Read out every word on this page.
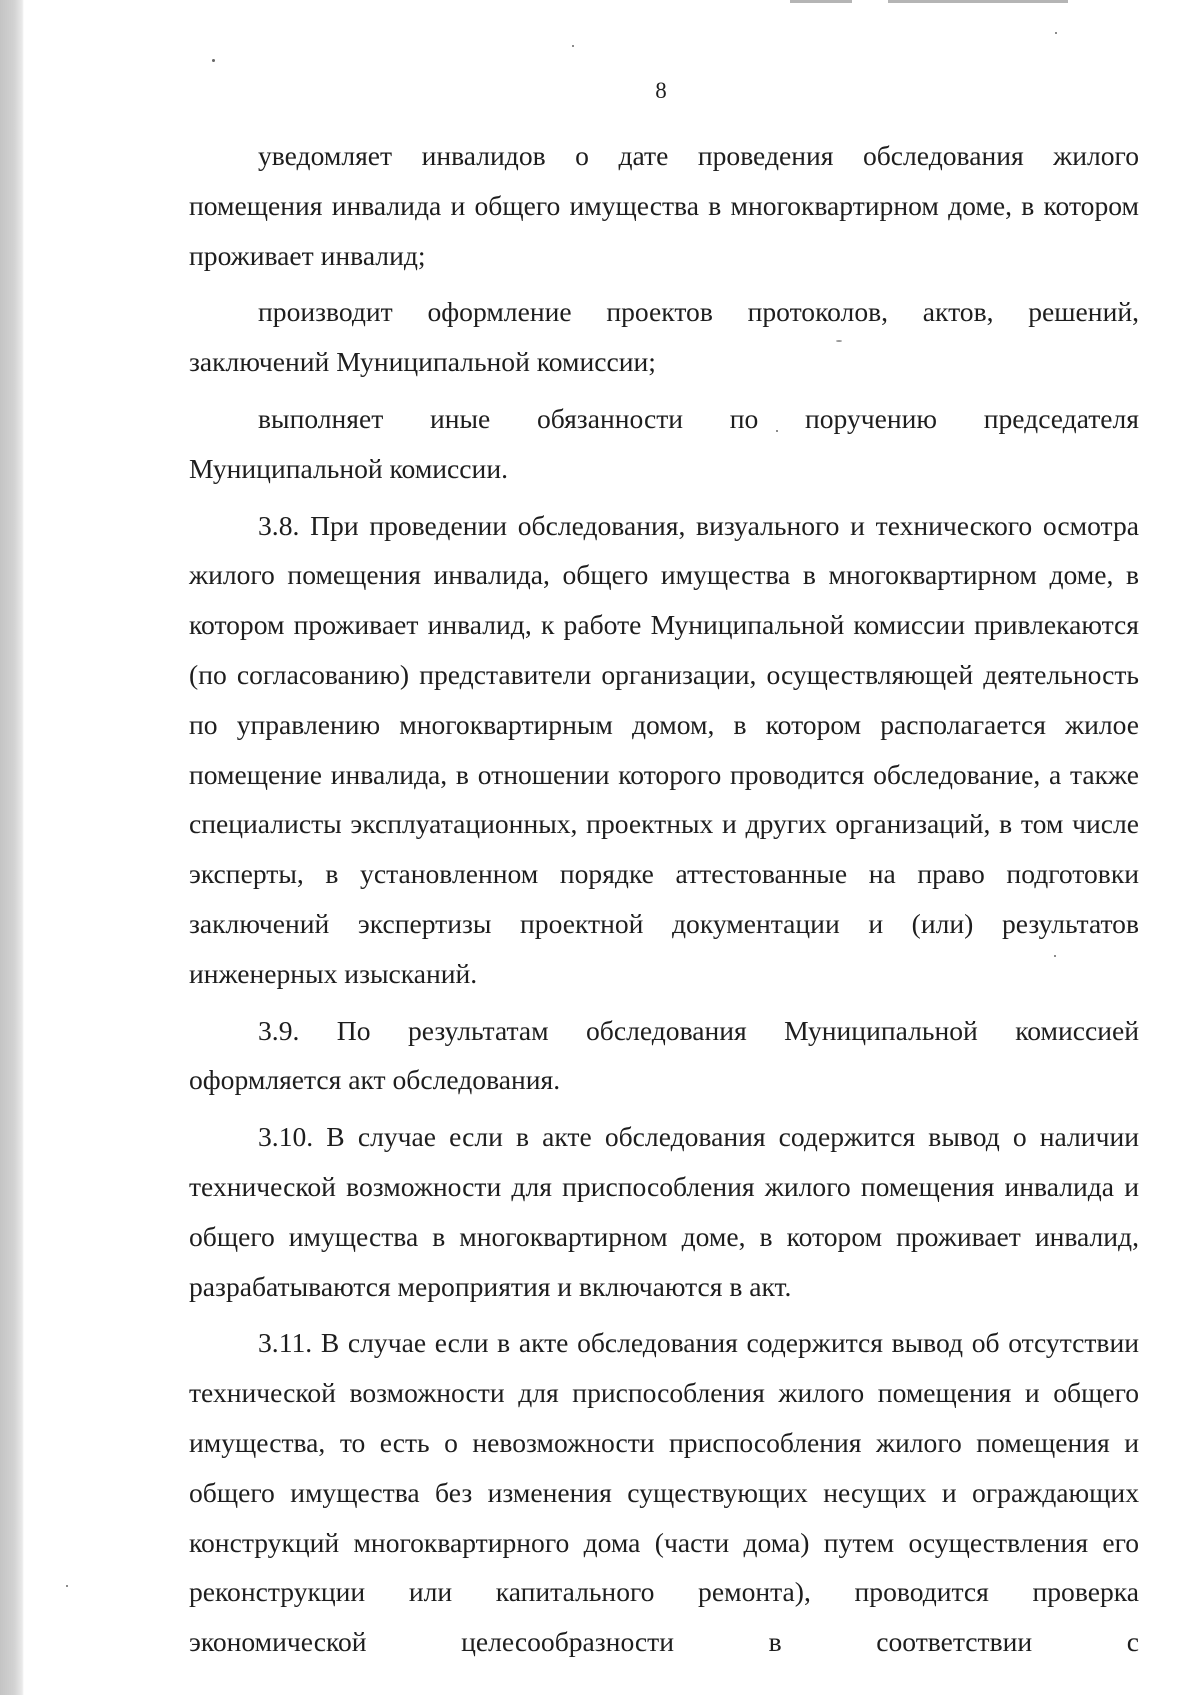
8

уведомляет инвалидов о дате проведения обследования жилого помещения инвалида и общего имущества в многоквартирном доме, в котором проживает инвалид;

производит оформление проектов протоколов, актов, решений, заключений Муниципальной комиссии;

выполняет иные обязанности по поручению председателя Муниципальной комиссии.

3.8. При проведении обследования, визуального и технического осмотра жилого помещения инвалида, общего имущества в многоквартирном доме, в котором проживает инвалид, к работе Муниципальной комиссии привлекаются (по согласованию) представители организации, осуществляющей деятельность по управлению многоквартирным домом, в котором располагается жилое помещение инвалида, в отношении которого проводится обследование, а также специалисты эксплуатационных, проектных и других организаций, в том числе эксперты, в установленном порядке аттестованные на право подготовки заключений экспертизы проектной документации и (или) результатов инженерных изысканий.

3.9. По результатам обследования Муниципальной комиссией оформляется акт обследования.

3.10. В случае если в акте обследования содержится вывод о наличии технической возможности для приспособления жилого помещения инвалида и общего имущества в многоквартирном доме, в котором проживает инвалид, разрабатываются мероприятия и включаются в акт.

3.11. В случае если в акте обследования содержится вывод об отсутствии технической возможности для приспособления жилого помещения и общего имущества, то есть о невозможности приспособления жилого помещения и общего имущества без изменения существующих несущих и ограждающих конструкций многоквартирного дома (части дома) путем осуществления его реконструкции или капитального ремонта), проводится проверка экономической целесообразности в соответствии с
